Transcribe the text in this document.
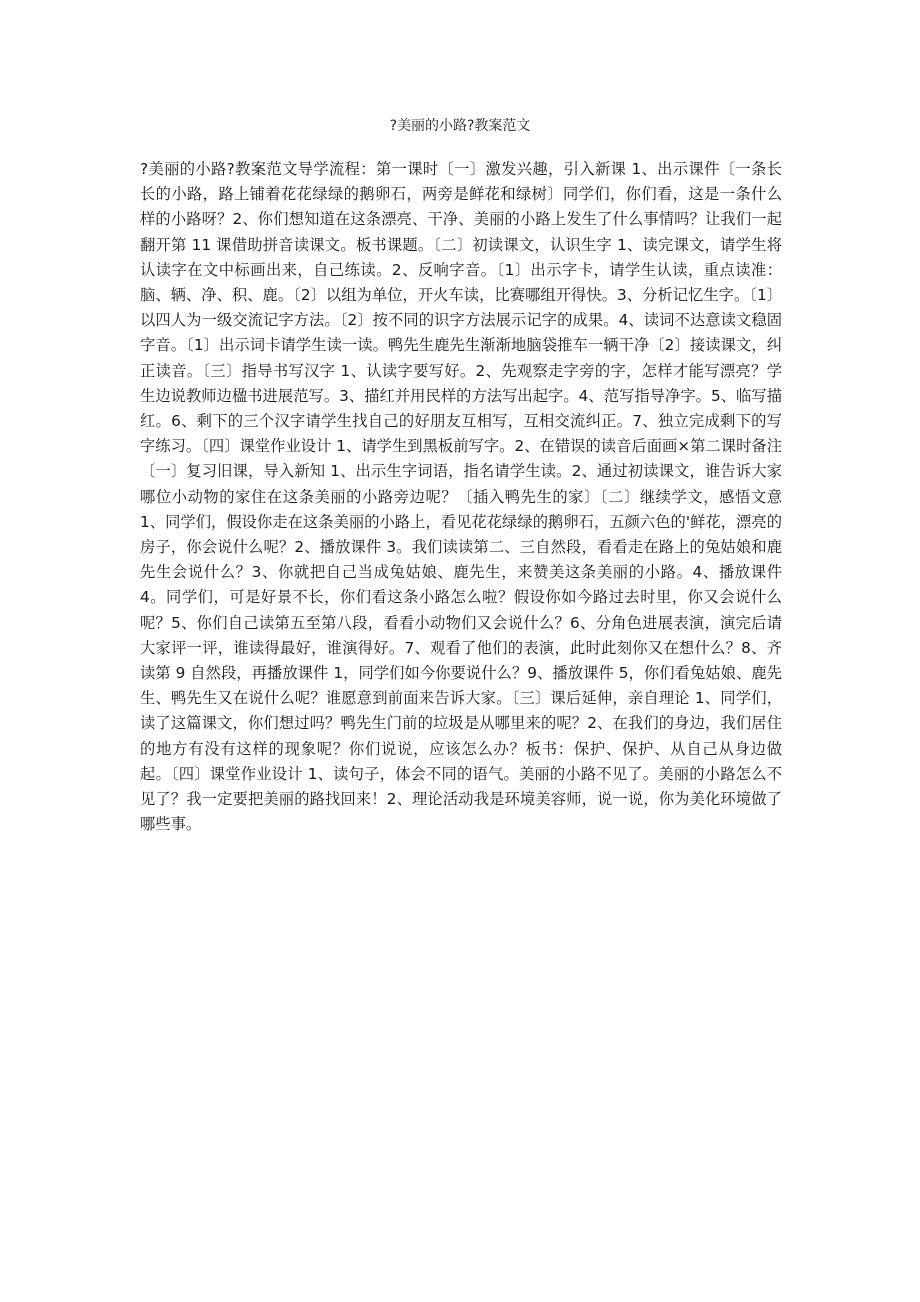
?美丽的小路?教案范文

?美丽的小路?教案范文导学流程：第一课时〔一〕激发兴趣，引入新课 1、出示课件〔一条长长的小路，路上铺着花花绿绿的鹅卵石，两旁是鲜花和绿树〕同学们，你们看，这是一条什么样的小路呀？2、你们想知道在这条漂亮、干净、美丽的小路上发生了什么事情吗？让我们一起翻开第 11 课借助拼音读课文。板书课题。〔二〕初读课文，认识生字 1、读完课文，请学生将认读字在文中标画出来，自己练读。2、反响字音。〔1〕出示字卡，请学生认读，重点读准：脑、辆、净、积、鹿。〔2〕以组为单位，开火车读，比赛哪组开得快。3、分析记忆生字。〔1〕以四人为一级交流记字方法。〔2〕按不同的识字方法展示记字的成果。4、读词不达意读文稳固字音。〔1〕出示词卡请学生读一读。鸭先生鹿先生渐渐地脑袋推车一辆干净〔2〕接读课文，纠正读音。〔三〕指导书写汉字 1、认读字要写好。2、先观察走字旁的字，怎样才能写漂亮？学生边说教师边楹书进展范写。3、描红并用民样的方法写出起字。4、范写指导净字。5、临写描红。6、剩下的三个汉字请学生找自己的好朋友互相写，互相交流纠正。7、独立完成剩下的写字练习。〔四〕课堂作业设计 1、请学生到黑板前写字。2、在错误的读音后面画×第二课时备注〔一〕复习旧课，导入新知 1、出示生字词语，指名请学生读。2、通过初读课文，谁告诉大家哪位小动物的家住在这条美丽的小路旁边呢？〔插入鸭先生的家〕〔二〕继续学文，感悟文意 1、同学们，假设你走在这条美丽的小路上，看见花花绿绿的鹅卵石，五颜六色的'鲜花，漂亮的房子，你会说什么呢？2、播放课件 3。我们读读第二、三自然段，看看走在路上的兔姑娘和鹿先生会说什么？3、你就把自己当成兔姑娘、鹿先生，来赞美这条美丽的小路。4、播放课件 4。同学们，可是好景不长，你们看这条小路怎么啦？假设你如今路过去时里，你又会说什么呢？5、你们自己读第五至第八段，看看小动物们又会说什么？6、分角色进展表演，演完后请大家评一评，谁读得最好，谁演得好。7、观看了他们的表演，此时此刻你又在想什么？8、齐读第 9 自然段，再播放课件 1，同学们如今你要说什么？9、播放课件 5，你们看兔姑娘、鹿先生、鸭先生又在说什么呢？谁愿意到前面来告诉大家。〔三〕课后延伸，亲自理论 1、同学们，读了这篇课文，你们想过吗？鸭先生门前的垃圾是从哪里来的呢？2、在我们的身边，我们居住的地方有没有这样的现象呢？你们说说，应该怎么办？板书：保护、保护、从自己从身边做起。〔四〕课堂作业设计 1、读句子，体会不同的语气。美丽的小路不见了。美丽的小路怎么不见了？我一定要把美丽的路找回来！2、理论活动我是环境美容师，说一说，你为美化环境做了哪些事。
